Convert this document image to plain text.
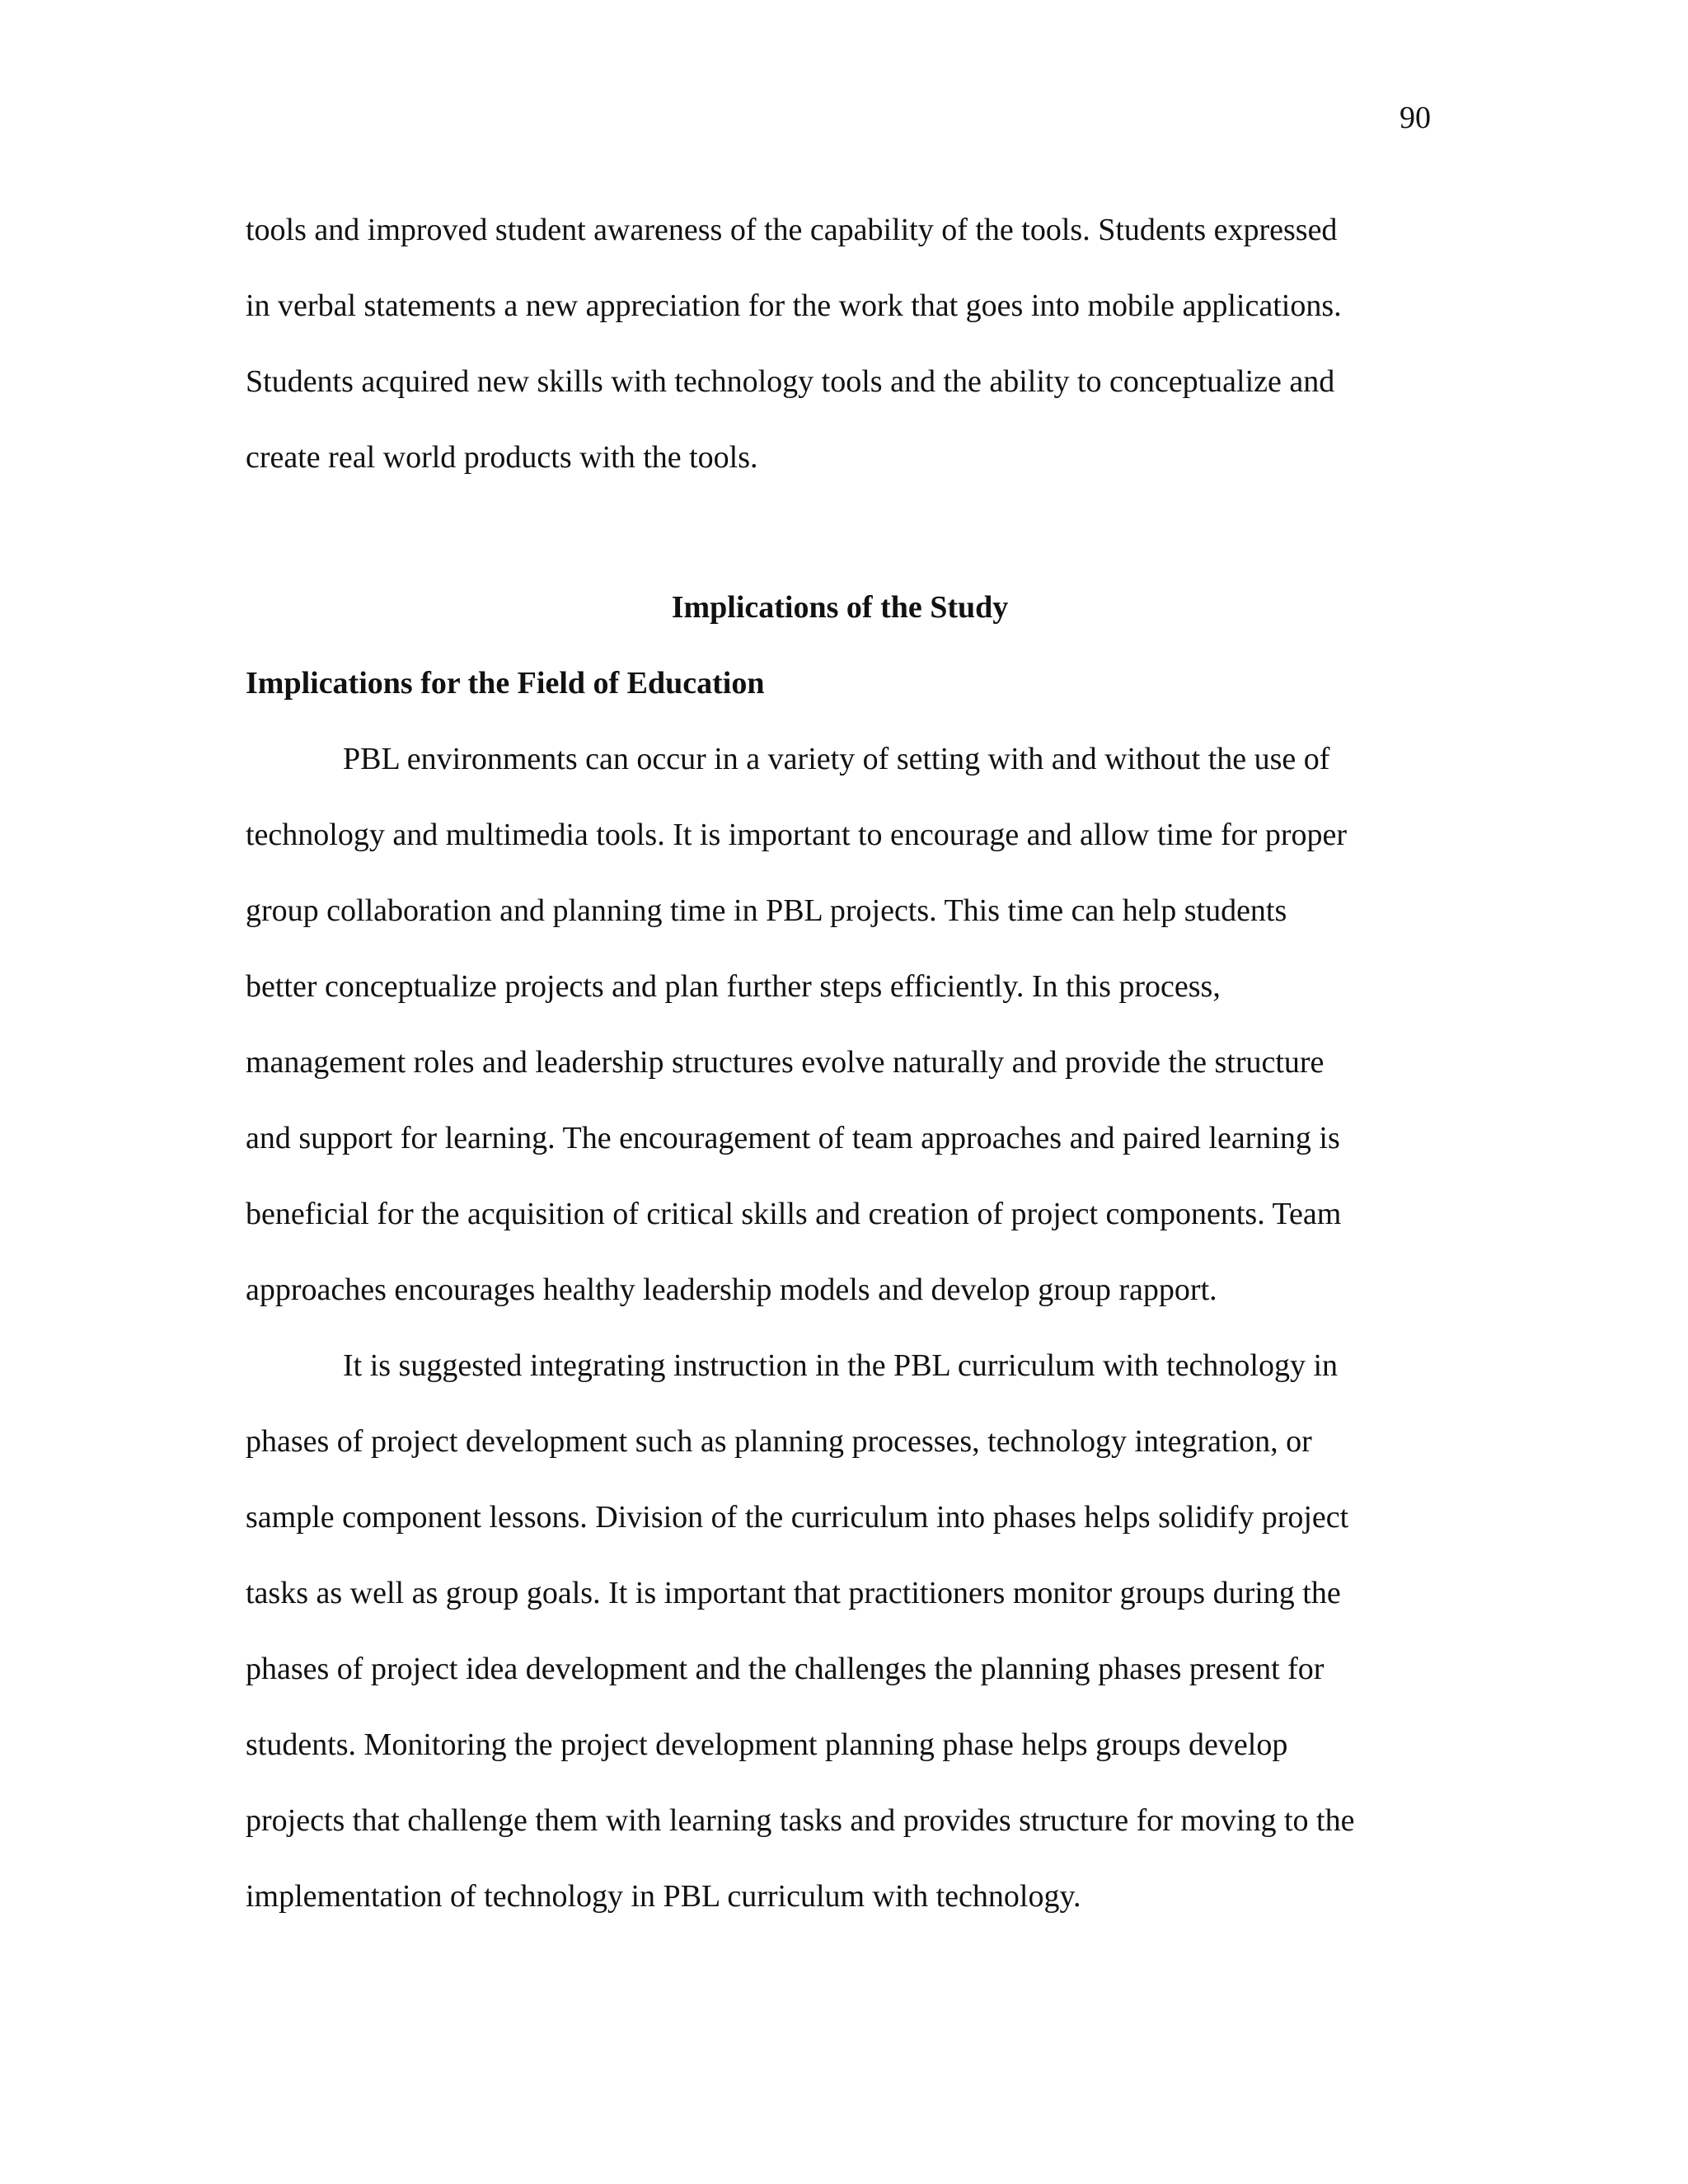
90
tools and improved student awareness of the capability of the tools. Students expressed
in verbal statements a new appreciation for the work that goes into mobile applications.
Students acquired new skills with technology tools and the ability to conceptualize and
create real world products with the tools.
Implications of the Study
Implications for the Field of Education
PBL environments can occur in a variety of setting with and without the use of
technology and multimedia tools. It is important to encourage and allow time for proper
group collaboration and planning time in PBL projects. This time can help students
better conceptualize projects and plan further steps efficiently. In this process,
management roles and leadership structures evolve naturally and provide the structure
and support for learning. The encouragement of team approaches and paired learning is
beneficial for the acquisition of critical skills and creation of project components. Team
approaches encourages healthy leadership models and develop group rapport.
It is suggested integrating instruction in the PBL curriculum with technology in
phases of project development such as planning processes, technology integration, or
sample component lessons. Division of the curriculum into phases helps solidify project
tasks as well as group goals. It is important that practitioners monitor groups during the
phases of project idea development and the challenges the planning phases present for
students. Monitoring the project development planning phase helps groups develop
projects that challenge them with learning tasks and provides structure for moving to the
implementation of technology in PBL curriculum with technology.
